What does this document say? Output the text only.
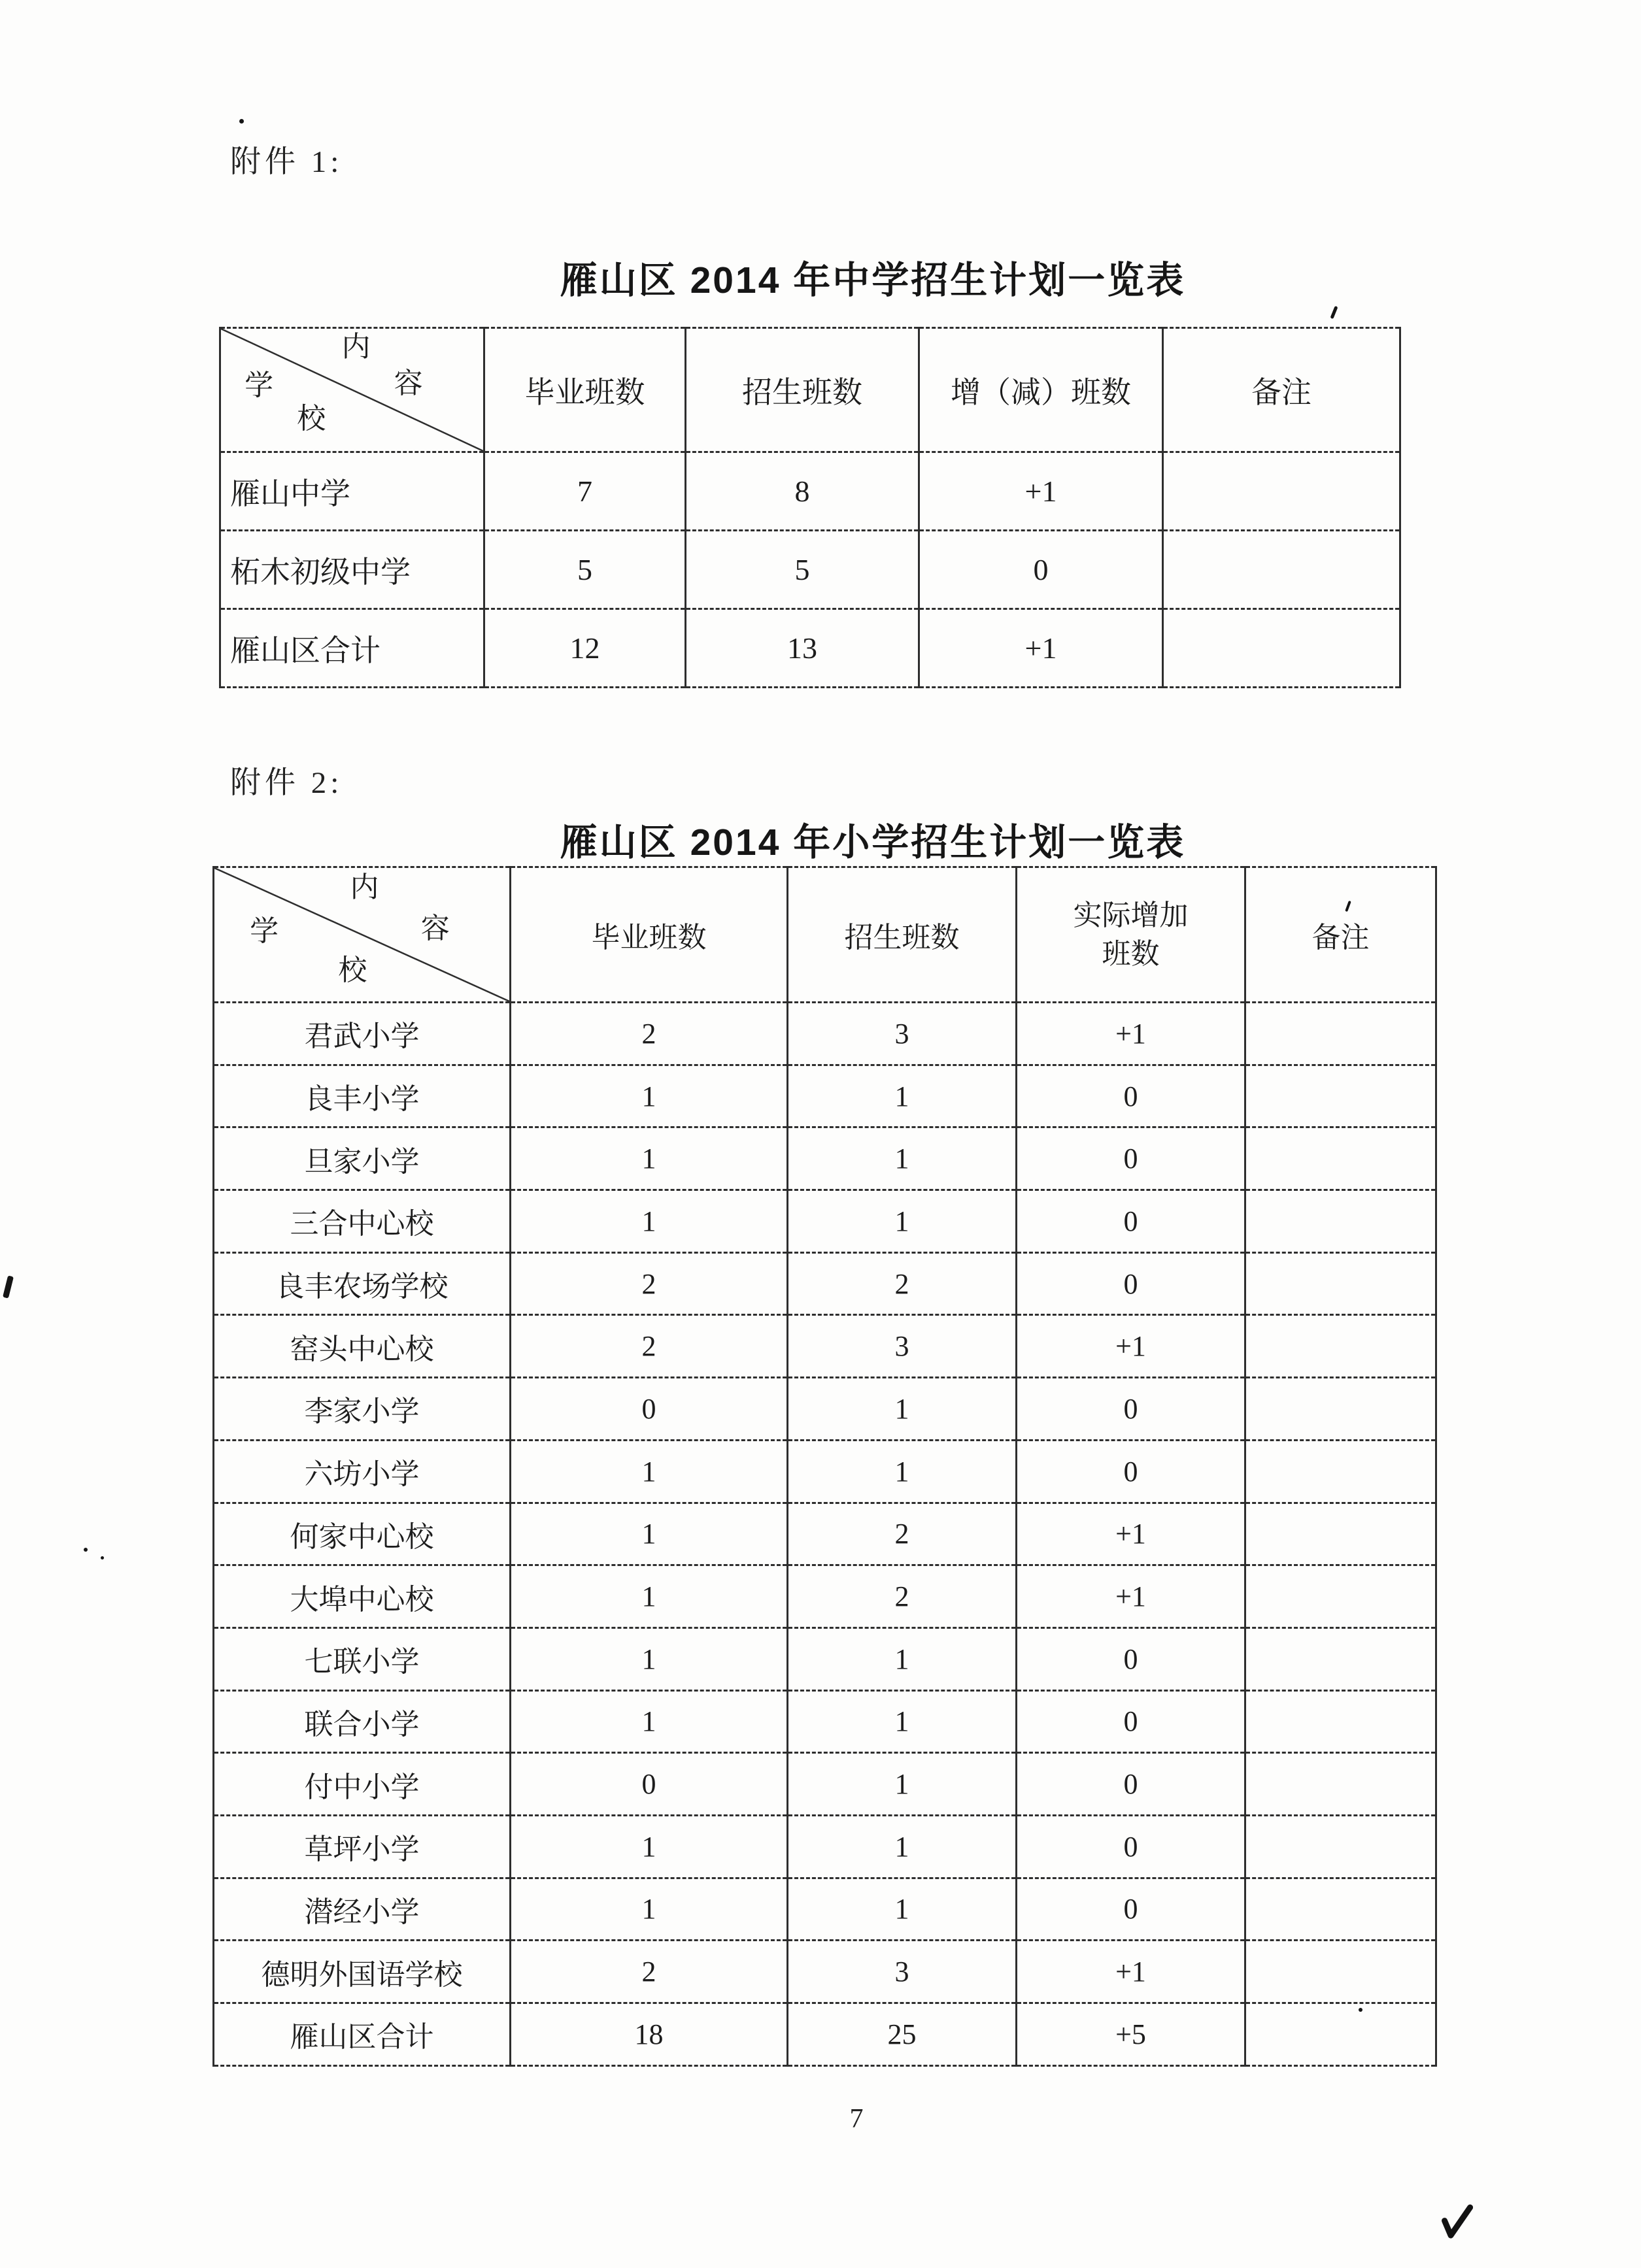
附件 1:
雁山区 2014 年中学招生计划一览表
内
容
学
校	毕业班数	招生班数	增（减）班数	备注
雁山中学	7	8	+1	
柘木初级中学	5	5	0	
雁山区合计	12	13	+1	
附件 2:
雁山区 2014 年小学招生计划一览表
内
容
学
校	毕业班数	招生班数	实际增加班数	备注
君武小学	2	3	+1	
良丰小学	1	1	0	
旦家小学	1	1	0	
三合中心校	1	1	0	
良丰农场学校	2	2	0	
窑头中心校	2	3	+1	
李家小学	0	1	0	
六坊小学	1	1	0	
何家中心校	1	2	+1	
大埠中心校	1	2	+1	
七联小学	1	1	0	
联合小学	1	1	0	
付中小学	0	1	0	
草坪小学	1	1	0	
潜经小学	1	1	0	
德明外国语学校	2	3	+1	
雁山区合计	18	25	+5	
7
